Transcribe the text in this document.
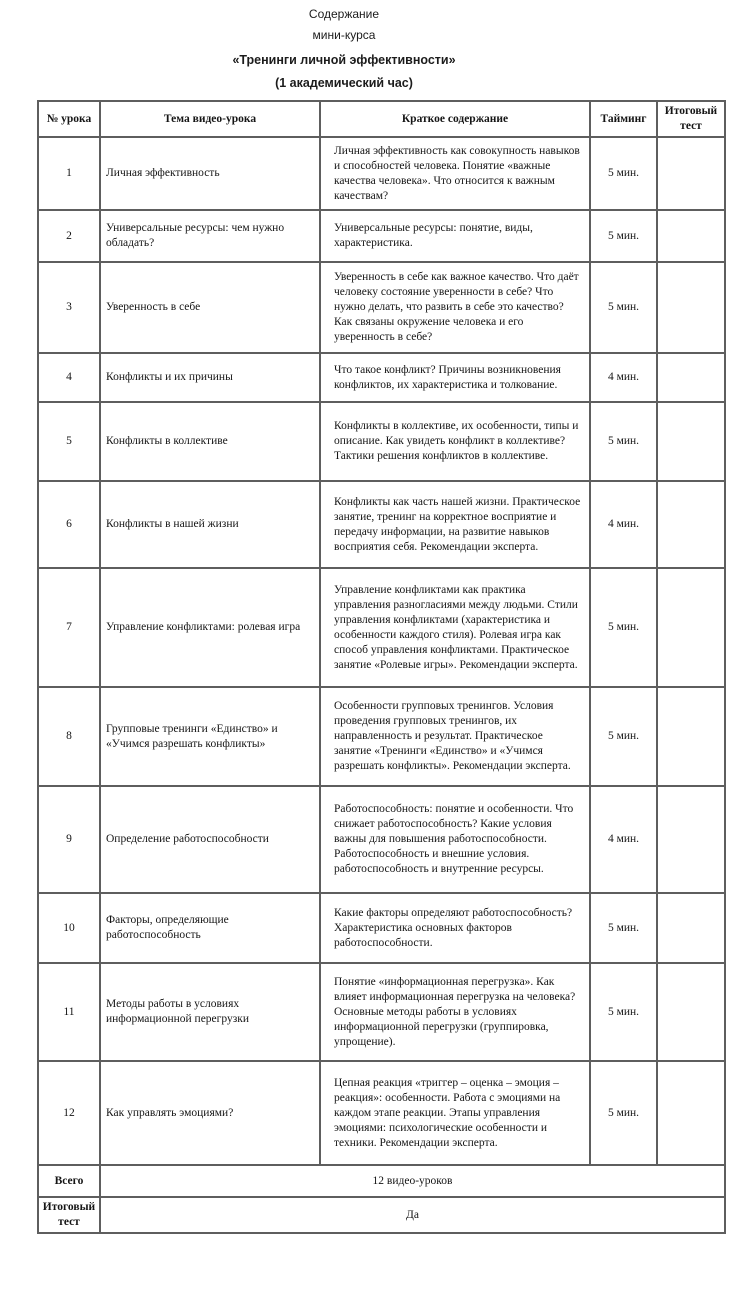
Содержание
мини-курса
«Тренинги личной эффективности»
(1 академический час)
№ урока	Тема видео-урока	Краткое содержание	Тайминг	Итоговый тест
1	Личная эффективность	Личная эффективность как совокупность навыков и способностей человека. Понятие «важные качества человека». Что относится к важным качествам?	5 мин.	
2	Универсальные ресурсы: чем нужно обладать?	Универсальные ресурсы: понятие, виды, характеристика.	5 мин.	
3	Уверенность в себе	Уверенность в себе как важное качество. Что даёт человеку состояние уверенности в себе? Что нужно делать, что развить в себе это качество? Как связаны окружение человека и его уверенность в себе?	5 мин.	
4	Конфликты и их причины	Что такое конфликт? Причины возникновения конфликтов, их характеристика и толкование.	4 мин.	
5	Конфликты в коллективе	Конфликты в коллективе, их особенности, типы и описание. Как увидеть конфликт в коллективе? Тактики решения конфликтов в коллективе.	5 мин.	
6	Конфликты в нашей жизни	Конфликты как часть нашей жизни. Практическое занятие, тренинг на корректное восприятие и передачу информации, на развитие навыков восприятия себя. Рекомендации эксперта.	4 мин.	
7	Управление конфликтами: ролевая игра	Управление конфликтами как практика управления разногласиями между людьми. Стили управления конфликтами (характеристика и особенности каждого стиля). Ролевая игра как способ управления конфликтами. Практическое занятие «Ролевые игры». Рекомендации эксперта.	5 мин.	
8	Групповые тренинги «Единство» и «Учимся разрешать конфликты»	Особенности групповых тренингов. Условия проведения групповых тренингов, их направленность и результат. Практическое занятие «Тренинги «Единство» и «Учимся разрешать конфликты». Рекомендации эксперта.	5 мин.	
9	Определение работоспособности	Работоспособность: понятие и особенности. Что снижает работоспособность? Какие условия важны для повышения работоспособности. Работоспособность и внешние условия. работоспособность и внутренние ресурсы.	4 мин.	
10	Факторы, определяющие работоспособность	Какие факторы определяют работоспособность? Характеристика основных факторов работоспособности.	5 мин.	
11	Методы работы в условиях информационной перегрузки	Понятие «информационная перегрузка». Как влияет информационная перегрузка на человека? Основные методы работы в условиях информационной перегрузки (группировка, упрощение).	5 мин.	
12	Как управлять эмоциями?	Цепная реакция «триггер – оценка – эмоция – реакция»: особенности. Работа с эмоциями на каждом этапе реакции. Этапы управления эмоциями: психологические особенности и техники. Рекомендации эксперта.	5 мин.	
Всего	12 видео-уроков			
Итоговый тест	Да			
